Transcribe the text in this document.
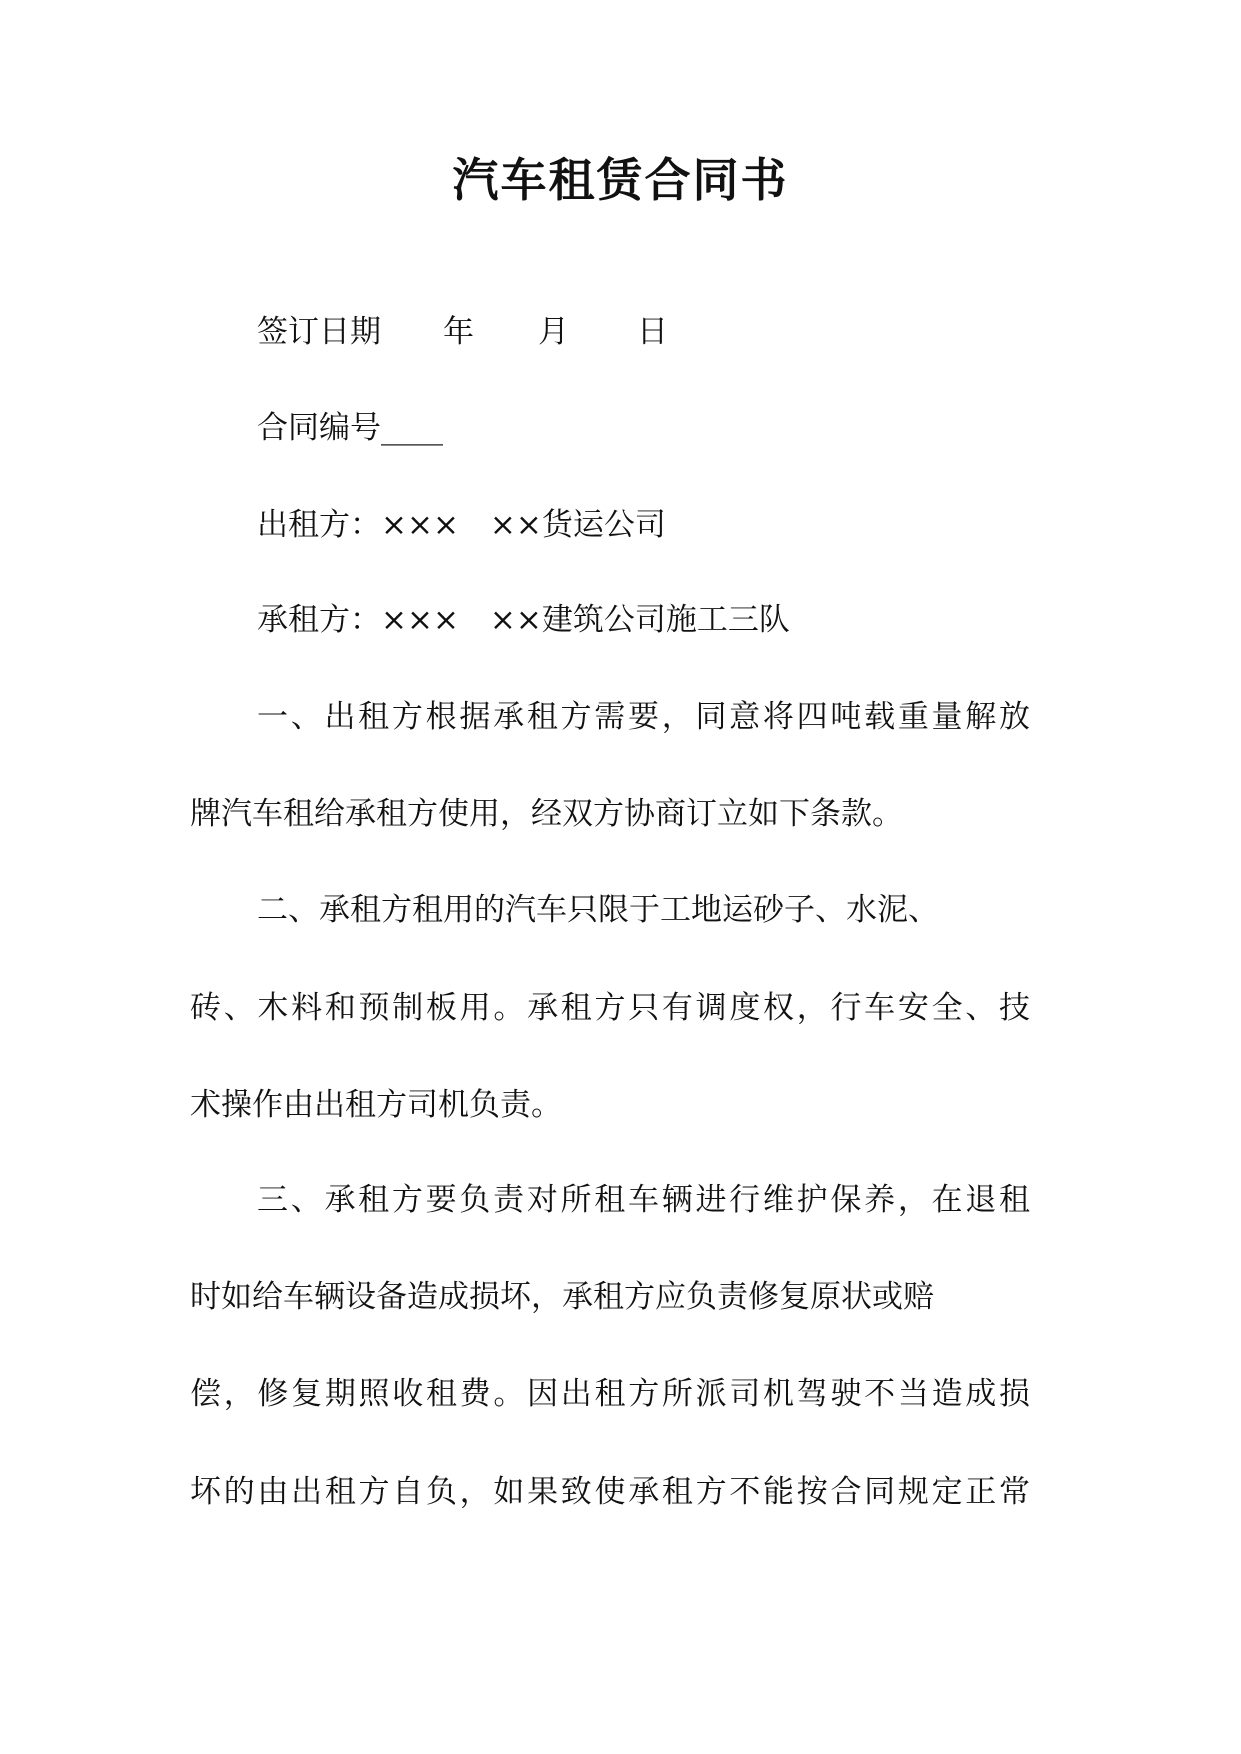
汽车租赁合同书
签订日期 年 月 日
合同编号____
出租方：×××　××货运公司
承租方：×××　××建筑公司施工三队
一、出租方根据承租方需要，同意将四吨载重量解放
牌汽车租给承租方使用，经双方协商订立如下条款。
二、承租方租用的汽车只限于工地运砂子、水泥、
砖、木料和预制板用。承租方只有调度权，行车安全、技
术操作由出租方司机负责。
三、承租方要负责对所租车辆进行维护保养，在退租
时如给车辆设备造成损坏，承租方应负责修复原状或赔
偿，修复期照收租费。因出租方所派司机驾驶不当造成损
坏的由出租方自负，如果致使承租方不能按合同规定正常
